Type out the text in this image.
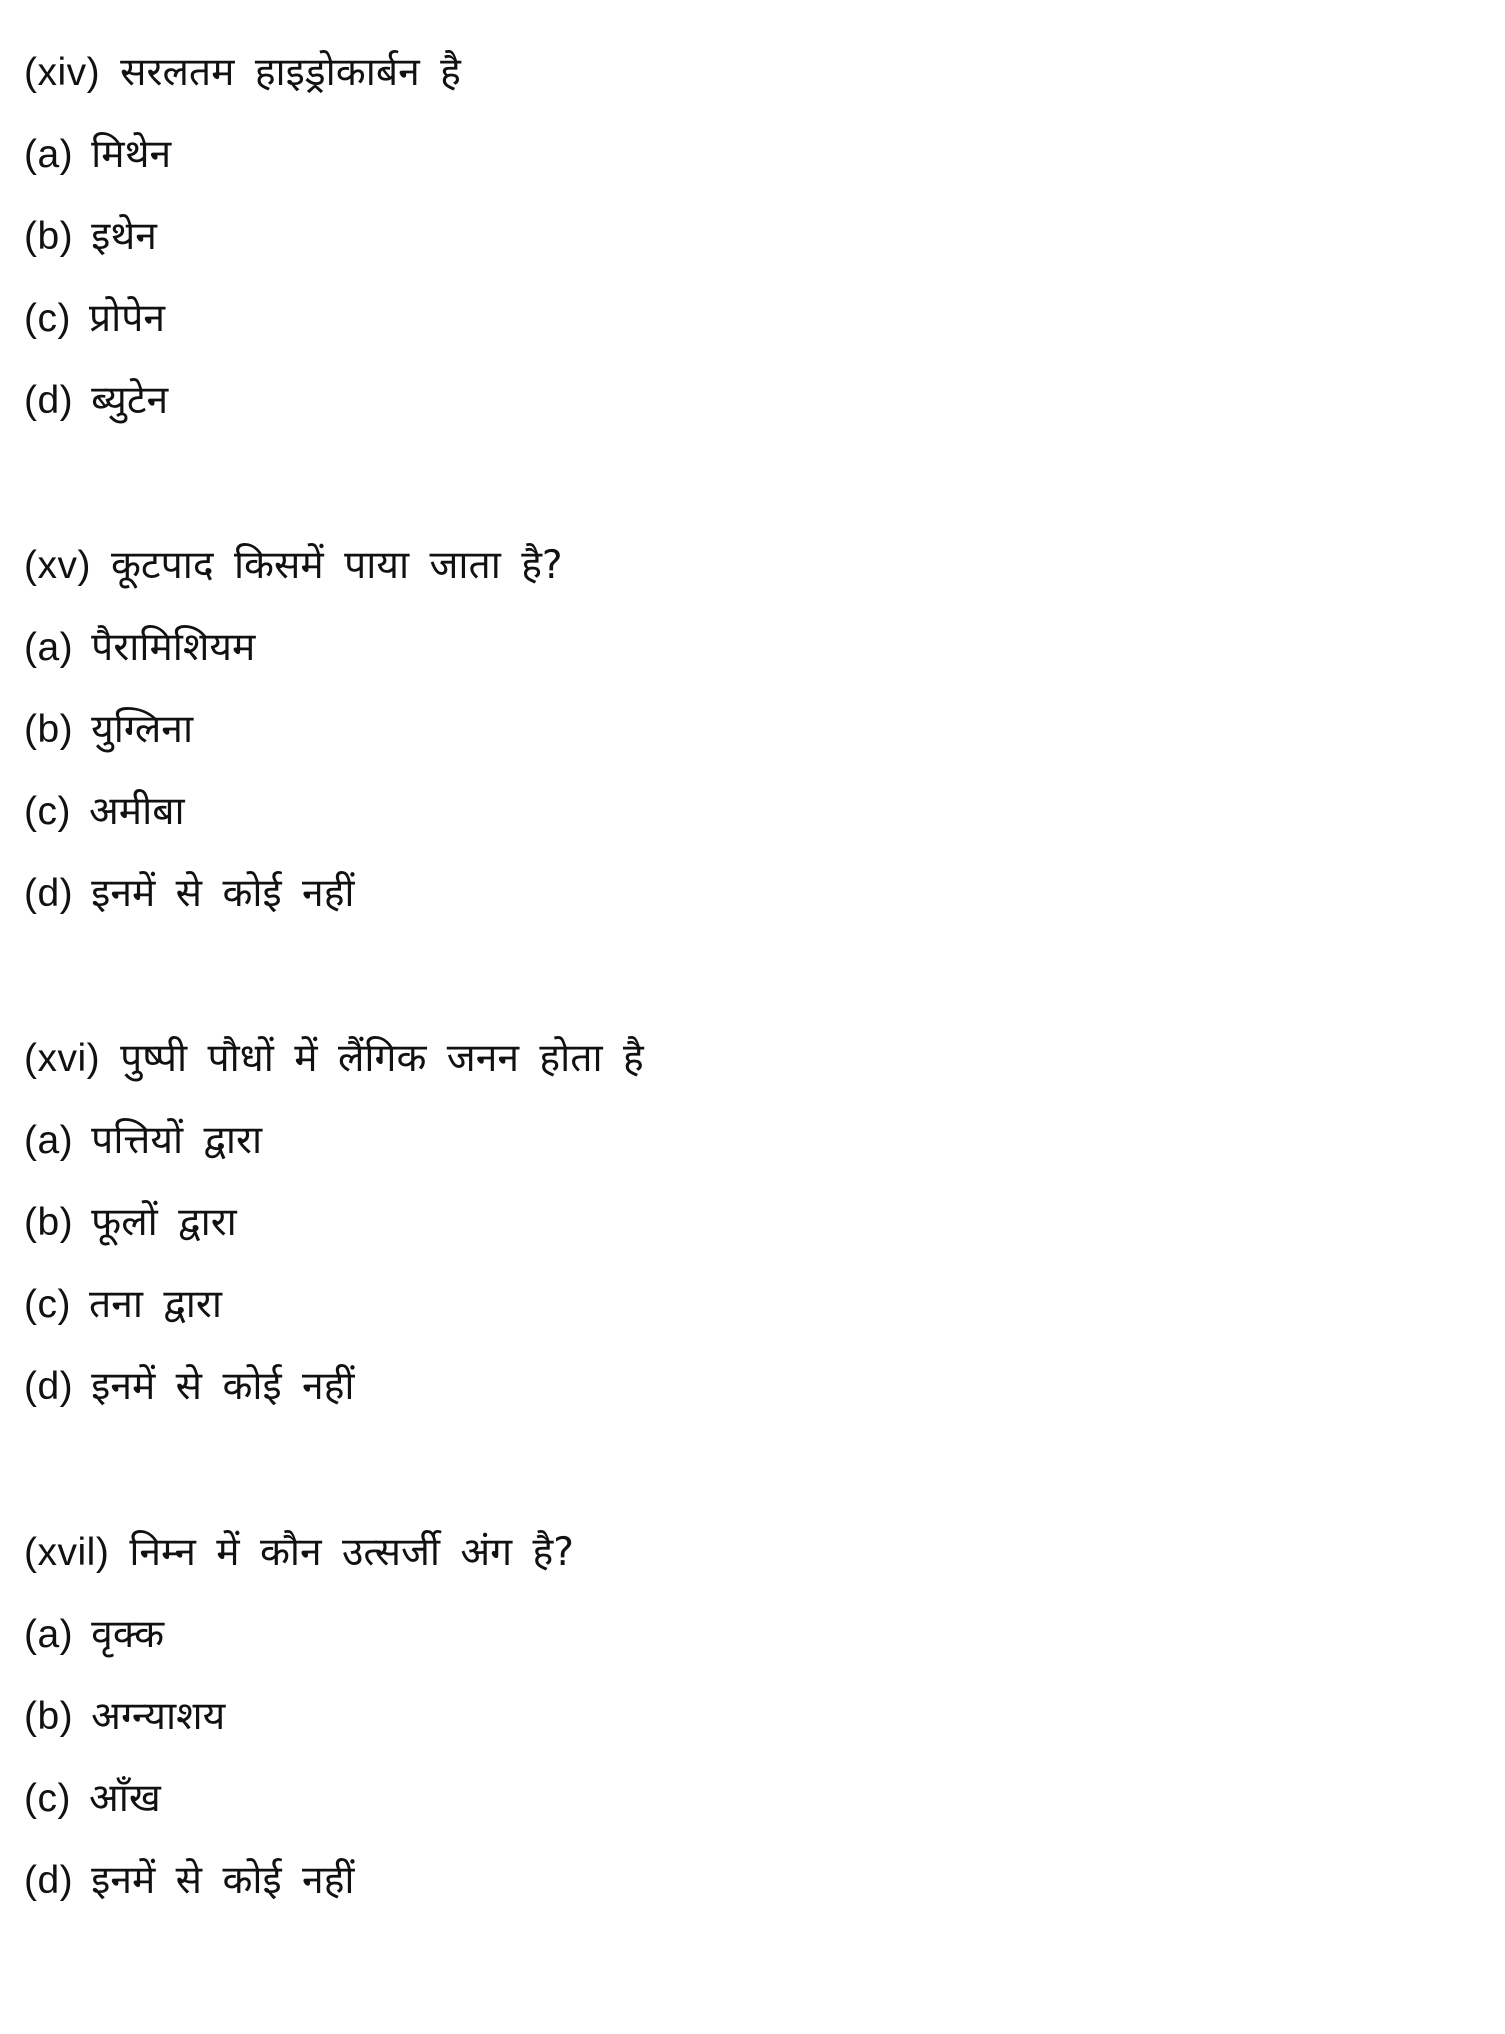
(xiv) सरलतम हाइड्रोकार्बन है
(a) मिथेन
(b) इथेन
(c) प्रोपेन
(d) ब्युटेन
(xv) कूटपाद किसमें पाया जाता है?
(a) पैरामिशियम
(b) युग्लिना
(c) अमीबा
(d) इनमें से कोई नहीं
(xvi) पुष्पी पौधों में लैंगिक जनन होता है
(a) पत्तियों द्वारा
(b) फूलों द्वारा
(c) तना द्वारा
(d) इनमें से कोई नहीं
(xvil) निम्न में कौन उत्सर्जी अंग है?
(a) वृक्क
(b) अग्न्याशय
(c) आँख
(d) इनमें से कोई नहीं
